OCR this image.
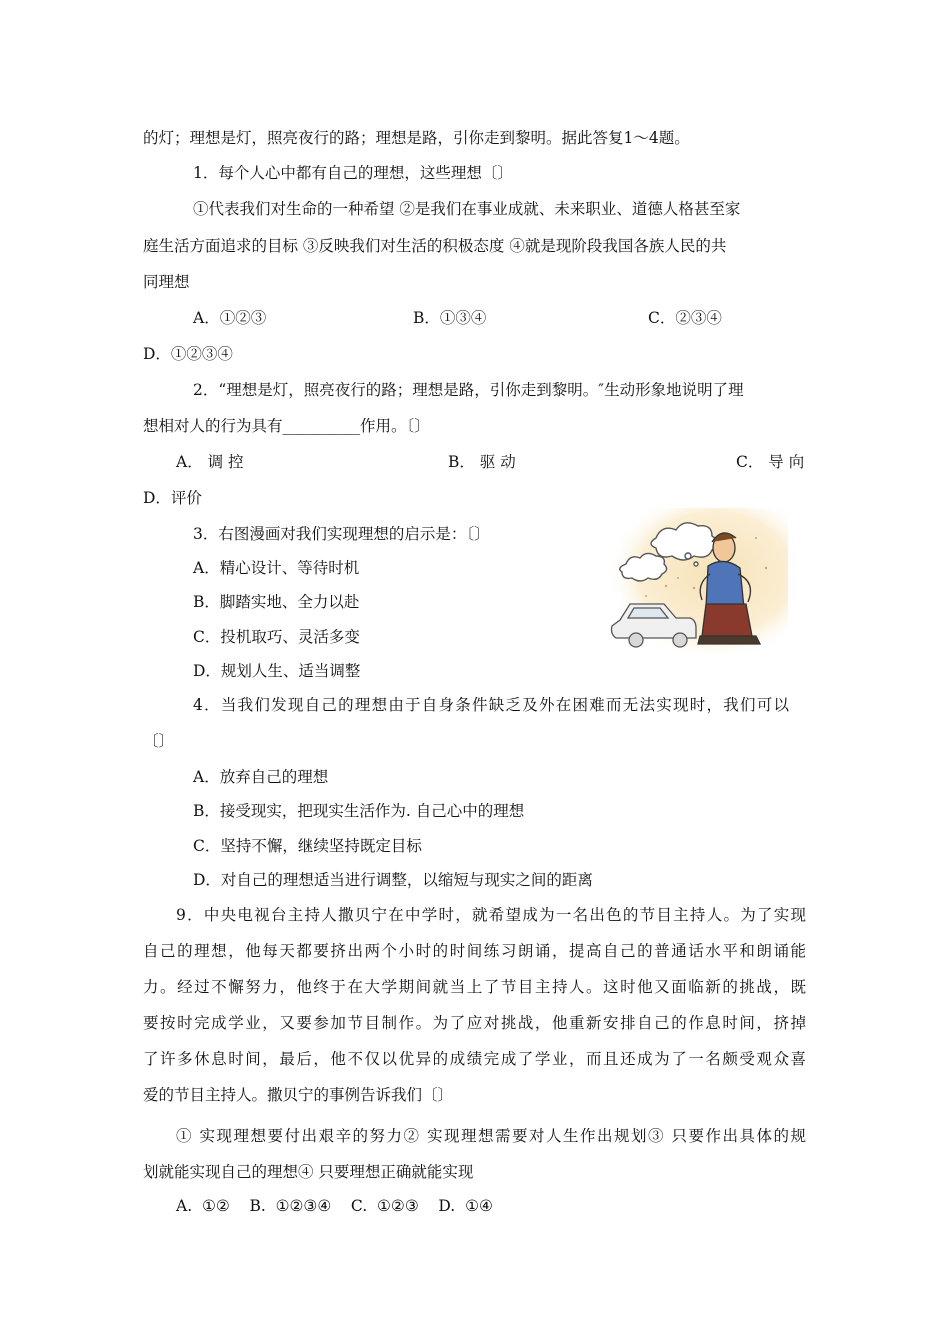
的灯；理想是灯，照亮夜行的路；理想是路，引你走到黎明。据此答复1～4题。
1．每个人心中都有自己的理想，这些理想〔〕
①代表我们对生命的一种希望 ②是我们在事业成就、未来职业、道德人格甚至家
庭生活方面追求的目标 ③反映我们对生活的积极态度 ④就是现阶段我国各族人民的共
同理想
A．①②③	B．①③④	C．②③④
D．①②③④
2．“理想是灯，照亮夜行的路；理想是路，引你走到黎明。″生动形象地说明了理
想相对人的行为具有__________作用。〔〕
A． 调 控	B． 驱 动	C． 导 向
D．评价
3．右图漫画对我们实现理想的启示是：〔〕
A．精心设计、等待时机
B．脚踏实地、全力以赴
C．投机取巧、灵活多变
D．规划人生、适当调整
4．当我们发现自己的理想由于自身条件缺乏及外在困难而无法实现时，我们可以
〔〕
A．放弃自己的理想
B．接受现实，把现实生活作为. 自己心中的理想
C．坚持不懈，继续坚持既定目标
D．对自己的理想适当进行调整，以缩短与现实之间的距离
9．中央电视台主持人撒贝宁在中学时，就希望成为一名出色的节目主持人。为了实现
自己的理想，他每天都要挤出两个小时的时间练习朗诵，提高自己的普通话水平和朗诵能
力。经过不懈努力，他终于在大学期间就当上了节目主持人。这时他又面临新的挑战，既
要按时完成学业，又要参加节目制作。为了应对挑战，他重新安排自己的作息时间，挤掉
了许多休息时间，最后，他不仅以优异的成绩完成了学业，而且还成为了一名颇受观众喜
爱的节目主持人。撒贝宁的事例告诉我们〔〕
① 实现理想要付出艰辛的努力② 实现理想需要对人生作出规划③ 只要作出具体的规
划就能实现自己的理想④ 只要理想正确就能实现
A.  ①②    B.  ①②③④    C.  ①②③    D.  ①④
